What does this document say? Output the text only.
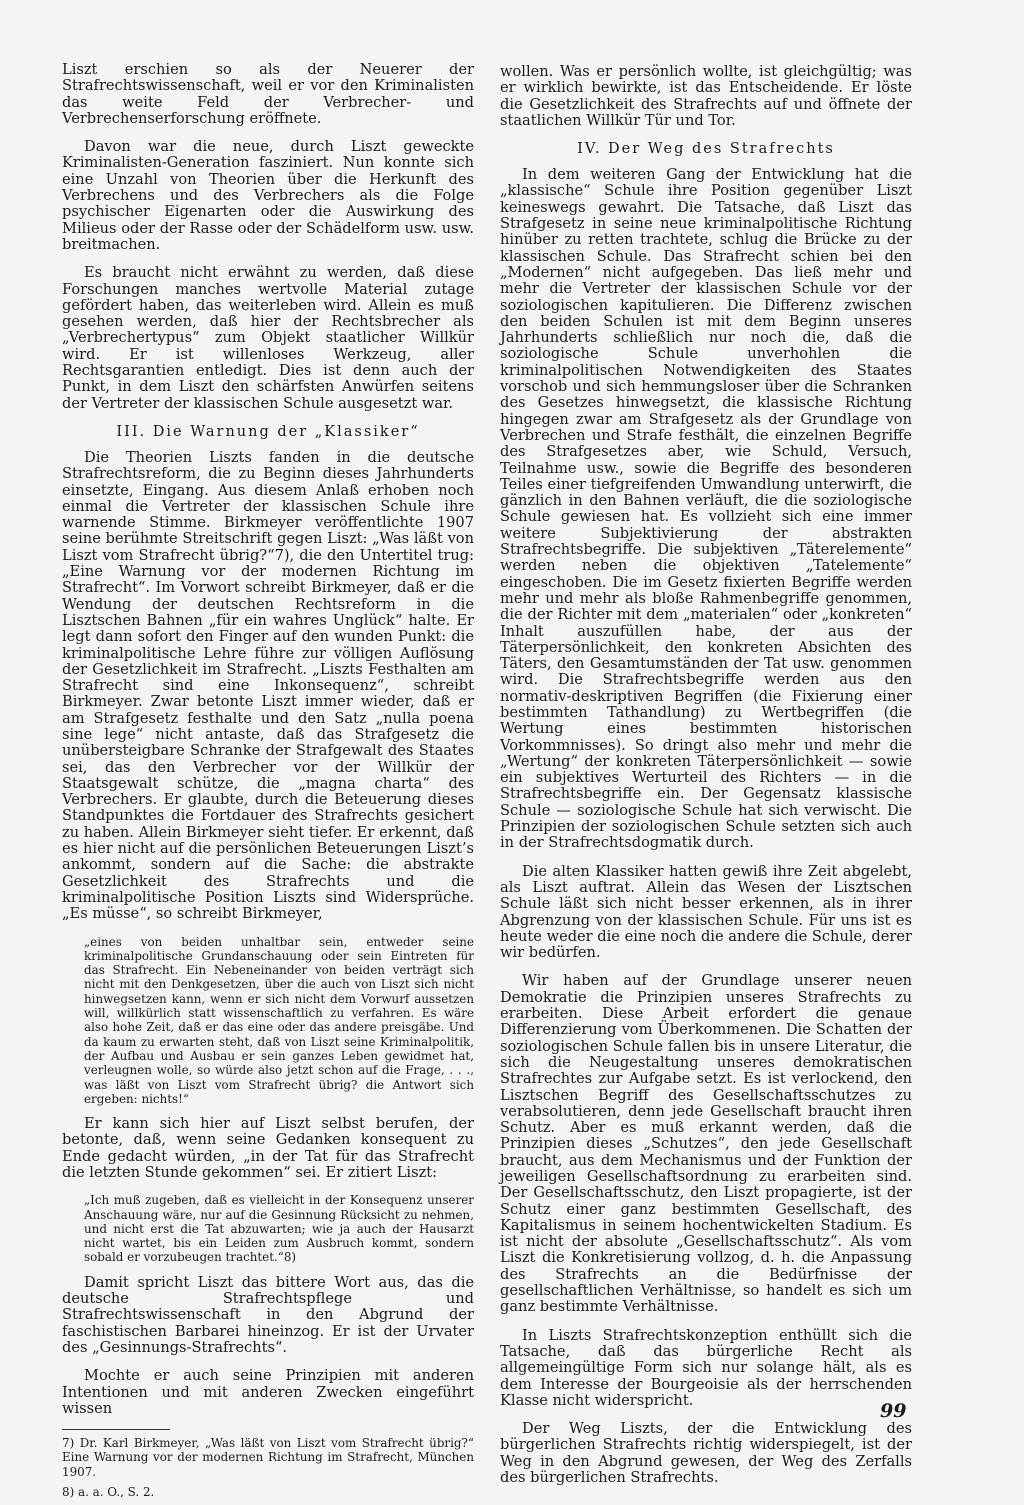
Liszt erschien so als der Neuerer der Strafrechtswissenschaft, weil er vor den Kriminalisten das weite Feld der Verbrecher- und Verbrechenserforschung eröffnete.

Davon war die neue, durch Liszt geweckte Kriminalisten-Generation fasziniert. Nun konnte sich eine Unzahl von Theorien über die Herkunft des Verbrechens und des Verbrechers als die Folge psychischer Eigenarten oder die Auswirkung des Milieus oder der Rasse oder der Schädelform usw. usw. breitmachen.

Es braucht nicht erwähnt zu werden, daß diese Forschungen manches wertvolle Material zutage gefördert haben, das weiterleben wird. Allein es muß gesehen werden, daß hier der Rechtsbrecher als „Verbrechertypus“ zum Objekt staatlicher Willkür wird. Er ist willenloses Werkzeug, aller Rechtsgarantien entledigt. Dies ist denn auch der Punkt, in dem Liszt den schärfsten Anwürfen seitens der Vertreter der klassischen Schule ausgesetzt war.

III. Die Warnung der „Klassiker“

Die Theorien Liszts fanden in die deutsche Strafrechtsreform, die zu Beginn dieses Jahrhunderts einsetzte, Eingang. Aus diesem Anlaß erhoben noch einmal die Vertreter der klassischen Schule ihre warnende Stimme. Birkmeyer veröffentlichte 1907 seine berühmte Streitschrift gegen Liszt: „Was läßt von Liszt vom Strafrecht übrig?“7), die den Untertitel trug: „Eine Warnung vor der modernen Richtung im Strafrecht“. Im Vorwort schreibt Birkmeyer, daß er die Wendung der deutschen Rechtsreform in die Lisztschen Bahnen „für ein wahres Unglück“ halte. Er legt dann sofort den Finger auf den wunden Punkt: die kriminalpolitische Lehre führe zur völligen Auflösung der Gesetzlichkeit im Strafrecht. „Liszts Festhalten am Strafrecht sind eine Inkonsequenz“, schreibt Birkmeyer. Zwar betonte Liszt immer wieder, daß er am Strafgesetz festhalte und den Satz „nulla poena sine lege“ nicht antaste, daß das Strafgesetz die unübersteigbare Schranke der Strafgewalt des Staates sei, das den Verbrecher vor der Willkür der Staatsgewalt schütze, die „magna charta“ des Verbrechers. Er glaubte, durch die Beteuerung dieses Standpunktes die Fortdauer des Strafrechts gesichert zu haben. Allein Birkmeyer sieht tiefer. Er erkennt, daß es hier nicht auf die persönlichen Beteuerungen Liszt’s ankommt, sondern auf die Sache: die abstrakte Gesetzlichkeit des Strafrechts und die kriminalpolitische Position Liszts sind Widersprüche. „Es müsse“, so schreibt Birkmeyer,

„eines von beiden unhaltbar sein, entweder seine kriminalpolitische Grundanschauung oder sein Eintreten für das Strafrecht. Ein Nebeneinander von beiden verträgt sich nicht mit den Denkgesetzen, über die auch von Liszt sich nicht hinwegsetzen kann, wenn er sich nicht dem Vorwurf aussetzen will, willkürlich statt wissenschaftlich zu verfahren. Es wäre also hohe Zeit, daß er das eine oder das andere preisgäbe. Und da kaum zu erwarten steht, daß von Liszt seine Kriminalpolitik, der Aufbau und Ausbau er sein ganzes Leben gewidmet hat, verleugnen wolle, so würde also jetzt schon auf die Frage, . . ., was läßt von Liszt vom Strafrecht übrig? die Antwort sich ergeben: nichts!“

Er kann sich hier auf Liszt selbst berufen, der betonte, daß, wenn seine Gedanken konsequent zu Ende gedacht würden, „in der Tat für das Strafrecht die letzten Stunde gekommen“ sei. Er zitiert Liszt:

„Ich muß zugeben, daß es vielleicht in der Konsequenz unserer Anschauung wäre, nur auf die Gesinnung Rücksicht zu nehmen, und nicht erst die Tat abzuwarten; wie ja auch der Hausarzt nicht wartet, bis ein Leiden zum Ausbruch kommt, sondern sobald er vorzubeugen trachtet.“8)

Damit spricht Liszt das bittere Wort aus, das die deutsche Strafrechtspflege und Strafrechtswissenschaft in den Abgrund der faschistischen Barbarei hineinzog. Er ist der Urvater des „Gesinnungs-Strafrechts“.

Mochte er auch seine Prinzipien mit anderen Intentionen und mit anderen Zwecken eingeführt wissen

7) Dr. Karl Birkmeyer, „Was läßt von Liszt vom Strafrecht übrig?“ Eine Warnung vor der modernen Richtung im Strafrecht, München 1907.

8) a. a. O., S. 2.

wollen. Was er persönlich wollte, ist gleichgültig; was er wirklich bewirkte, ist das Entscheidende. Er löste die Gesetzlichkeit des Strafrechts auf und öffnete der staatlichen Willkür Tür und Tor.

IV. Der Weg des Strafrechts

In dem weiteren Gang der Entwicklung hat die „klassische“ Schule ihre Position gegenüber Liszt keineswegs gewahrt. Die Tatsache, daß Liszt das Strafgesetz in seine neue kriminalpolitische Richtung hinüber zu retten trachtete, schlug die Brücke zu der klassischen Schule. Das Strafrecht schien bei den „Modernen“ nicht aufgegeben. Das ließ mehr und mehr die Vertreter der klassischen Schule vor der soziologischen kapitulieren. Die Differenz zwischen den beiden Schulen ist mit dem Beginn unseres Jahrhunderts schließlich nur noch die, daß die soziologische Schule unverhohlen die kriminalpolitischen Notwendigkeiten des Staates vorschob und sich hemmungsloser über die Schranken des Gesetzes hinwegsetzt, die klassische Richtung hingegen zwar am Strafgesetz als der Grundlage von Verbrechen und Strafe festhält, die einzelnen Begriffe des Strafgesetzes aber, wie Schuld, Versuch, Teilnahme usw., sowie die Begriffe des besonderen Teiles einer tiefgreifenden Umwandlung unterwirft, die gänzlich in den Bahnen verläuft, die die soziologische Schule gewiesen hat. Es vollzieht sich eine immer weitere Subjektivierung der abstrakten Strafrechtsbegriffe. Die subjektiven „Täterelemente“ werden neben die objektiven „Tatelemente“ eingeschoben. Die im Gesetz fixierten Begriffe werden mehr und mehr als bloße Rahmenbegriffe genommen, die der Richter mit dem „materialen“ oder „konkreten“ Inhalt auszufüllen habe, der aus der Täterpersönlichkeit, den konkreten Absichten des Täters, den Gesamtumständen der Tat usw. genommen wird. Die Strafrechtsbegriffe werden aus den normativ-deskriptiven Begriffen (die Fixierung einer bestimmten Tathandlung) zu Wertbegriffen (die Wertung eines bestimmten historischen Vorkommnisses). So dringt also mehr und mehr die „Wertung“ der konkreten Täterpersönlichkeit — sowie ein subjektives Werturteil des Richters — in die Strafrechtsbegriffe ein. Der Gegensatz klassische Schule — soziologische Schule hat sich verwischt. Die Prinzipien der soziologischen Schule setzten sich auch in der Strafrechtsdogmatik durch.

Die alten Klassiker hatten gewiß ihre Zeit abgelebt, als Liszt auftrat. Allein das Wesen der Lisztschen Schule läßt sich nicht besser erkennen, als in ihrer Abgrenzung von der klassischen Schule. Für uns ist es heute weder die eine noch die andere die Schule, derer wir bedürfen.

Wir haben auf der Grundlage unserer neuen Demokratie die Prinzipien unseres Strafrechts zu erarbeiten. Diese Arbeit erfordert die genaue Differenzierung vom Überkommenen. Die Schatten der soziologischen Schule fallen bis in unsere Literatur, die sich die Neugestaltung unseres demokratischen Strafrechtes zur Aufgabe setzt. Es ist verlockend, den Lisztschen Begriff des Gesellschaftsschutzes zu verabsolutieren, denn jede Gesellschaft braucht ihren Schutz. Aber es muß erkannt werden, daß die Prinzipien dieses „Schutzes“, den jede Gesellschaft braucht, aus dem Mechanismus und der Funktion der jeweiligen Gesellschaftsordnung zu erarbeiten sind. Der Gesellschaftsschutz, den Liszt propagierte, ist der Schutz einer ganz bestimmten Gesellschaft, des Kapitalismus in seinem hochentwickelten Stadium. Es ist nicht der absolute „Gesellschaftsschutz“. Als vom Liszt die Konkretisierung vollzog, d. h. die Anpassung des Strafrechts an die Bedürfnisse der gesellschaftlichen Verhältnisse, so handelt es sich um ganz bestimmte Verhältnisse.

In Liszts Strafrechtskonzeption enthüllt sich die Tatsache, daß das bürgerliche Recht als allgemeingültige Form sich nur solange hält, als es dem Interesse der Bourgeoisie als der herrschenden Klasse nicht widerspricht.

Der Weg Liszts, der die Entwicklung des bürgerlichen Strafrechts richtig widerspiegelt, ist der Weg in den Abgrund gewesen, der Weg des Zerfalls des bürgerlichen Strafrechts.

99
